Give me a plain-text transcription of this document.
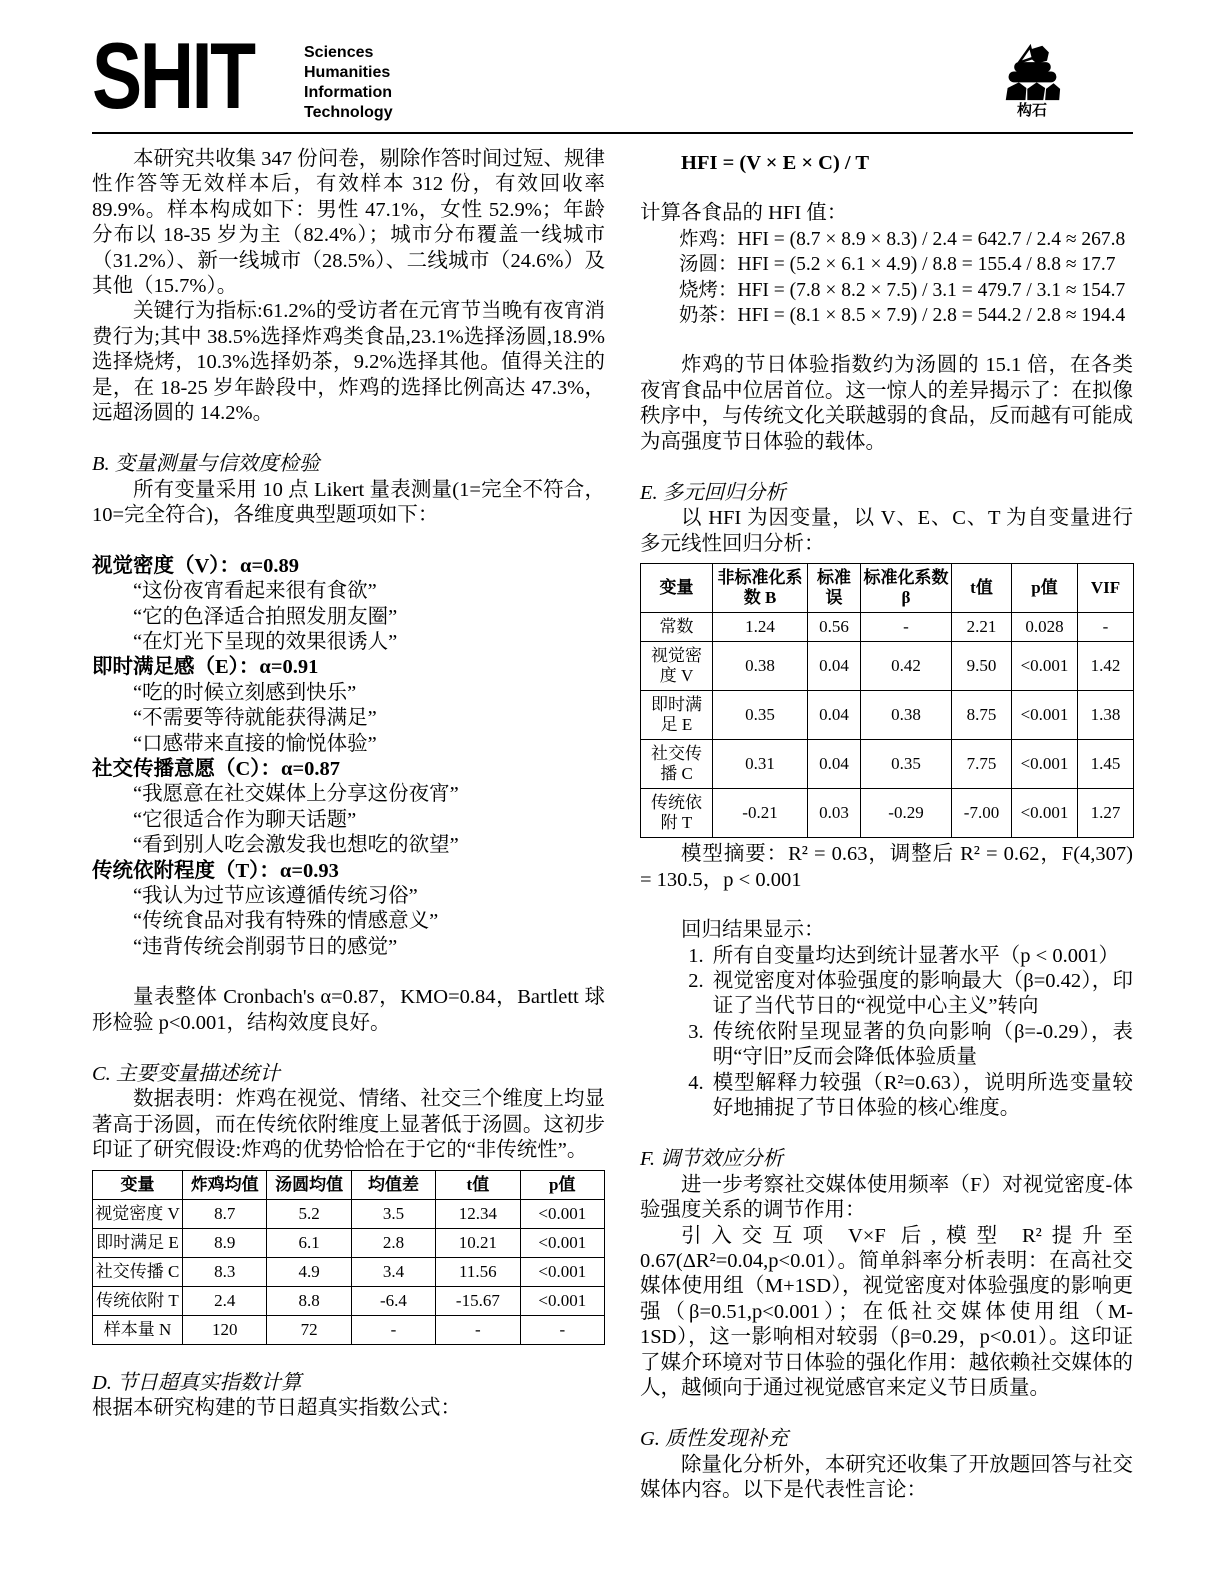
SHIT	Sciences
Humanities
Information
Technology	构石

本研究共收集 347 份问卷，剔除作答时间过短、规律性作答等无效样本后，有效样本 312 份，有效回收率 89.9%。样本构成如下：男性 47.1%，女性 52.9%；年龄分布以 18-35 岁为主（82.4%）；城市分布覆盖一线城市（31.2%）、新一线城市（28.5%）、二线城市（24.6%）及其他（15.7%）。

关键行为指标:61.2%的受访者在元宵节当晚有夜宵消费行为;其中 38.5%选择炸鸡类食品,23.1%选择汤圆,18.9%选择烧烤，10.3%选择奶茶，9.2%选择其他。值得关注的是，在 18-25 岁年龄段中，炸鸡的选择比例高达 47.3%，远超汤圆的 14.2%。

B. 变量测量与信效度检验

所有变量采用 10 点 Likert 量表测量(1=完全不符合，10=完全符合)，各维度典型题项如下：

视觉密度（V）：α=0.89

“这份夜宵看起来很有食欲”

“它的色泽适合拍照发朋友圈”

“在灯光下呈现的效果很诱人”

即时满足感（E）：α=0.91

“吃的时候立刻感到快乐”

“不需要等待就能获得满足”

“口感带来直接的愉悦体验”

社交传播意愿（C）：α=0.87

“我愿意在社交媒体上分享这份夜宵”

“它很适合作为聊天话题”

“看到别人吃会激发我也想吃的欲望”

传统依附程度（T）：α=0.93

“我认为过节应该遵循传统习俗”

“传统食品对我有特殊的情感意义”

“违背传统会削弱节日的感觉”

量表整体 Cronbach's α=0.87，KMO=0.84，Bartlett 球形检验 p<0.001，结构效度良好。

C. 主要变量描述统计

数据表明：炸鸡在视觉、情绪、社交三个维度上均显著高于汤圆，而在传统依附维度上显著低于汤圆。这初步印证了研究假设:炸鸡的优势恰恰在于它的“非传统性”。

变量	炸鸡均值	汤圆均值	均值差	t值	p值
视觉密度 V	8.7	5.2	3.5	12.34	<0.001
即时满足 E	8.9	6.1	2.8	10.21	<0.001
社交传播 C	8.3	4.9	3.4	11.56	<0.001
传统依附 T	2.4	8.8	-6.4	-15.67	<0.001
样本量 N	120	72	-	-	-
D. 节日超真实指数计算

根据本研究构建的节日超真实指数公式：

HFI = (V × E × C) / T

计算各食品的 HFI 值：

炸鸡：HFI = (8.7 × 8.9 × 8.3) / 2.4 = 642.7 / 2.4 ≈ 267.8

汤圆：HFI = (5.2 × 6.1 × 4.9) / 8.8 = 155.4 / 8.8 ≈ 17.7

烧烤：HFI = (7.8 × 8.2 × 7.5) / 3.1 = 479.7 / 3.1 ≈ 154.7

奶茶：HFI = (8.1 × 8.5 × 7.9) / 2.8 = 544.2 / 2.8 ≈ 194.4

炸鸡的节日体验指数约为汤圆的 15.1 倍，在各类夜宵食品中位居首位。这一惊人的差异揭示了：在拟像秩序中，与传统文化关联越弱的食品，反而越有可能成为高强度节日体验的载体。

E. 多元回归分析

以 HFI 为因变量，以 V、E、C、T 为自变量进行多元线性回归分析：

变量	非标准化系数 B	标准误	标准化系数 β	t值	p值	VIF
常数	1.24	0.56	-	2.21	0.028	-
视觉密度 V	0.38	0.04	0.42	9.50	<0.001	1.42
即时满足 E	0.35	0.04	0.38	8.75	<0.001	1.38
社交传播 C	0.31	0.04	0.35	7.75	<0.001	1.45
传统依附 T	-0.21	0.03	-0.29	-7.00	<0.001	1.27

模型摘要：R² = 0.63，调整后 R² = 0.62，F(4,307) = 130.5，p < 0.001

回归结果显示：

1. 所有自变量均达到统计显著水平（p < 0.001）
2. 视觉密度对体验强度的影响最大（β=0.42），印证了当代节日的“视觉中心主义”转向
3. 传统依附呈现显著的负向影响（β=-0.29），表明“守旧”反而会降低体验质量
4. 模型解释力较强（R²=0.63），说明所选变量较好地捕捉了节日体验的核心维度。
F. 调节效应分析

进一步考察社交媒体使用频率（F）对视觉密度-体验强度关系的调节作用：

引入交互项 V×F 后,模型 R²提升至 0.67(ΔR²=0.04,p<0.01）。简单斜率分析表明：在高社交媒体使用组（M+1SD），视觉密度对体验强度的影响更强（β=0.51,p<0.001）；在低社交媒体使用组（M-1SD），这一影响相对较弱（β=0.29，p<0.01）。这印证了媒介环境对节日体验的强化作用：越依赖社交媒体的人，越倾向于通过视觉感官来定义节日质量。

G. 质性发现补充

除量化分析外，本研究还收集了开放题回答与社交媒体内容。以下是代表性言论：
